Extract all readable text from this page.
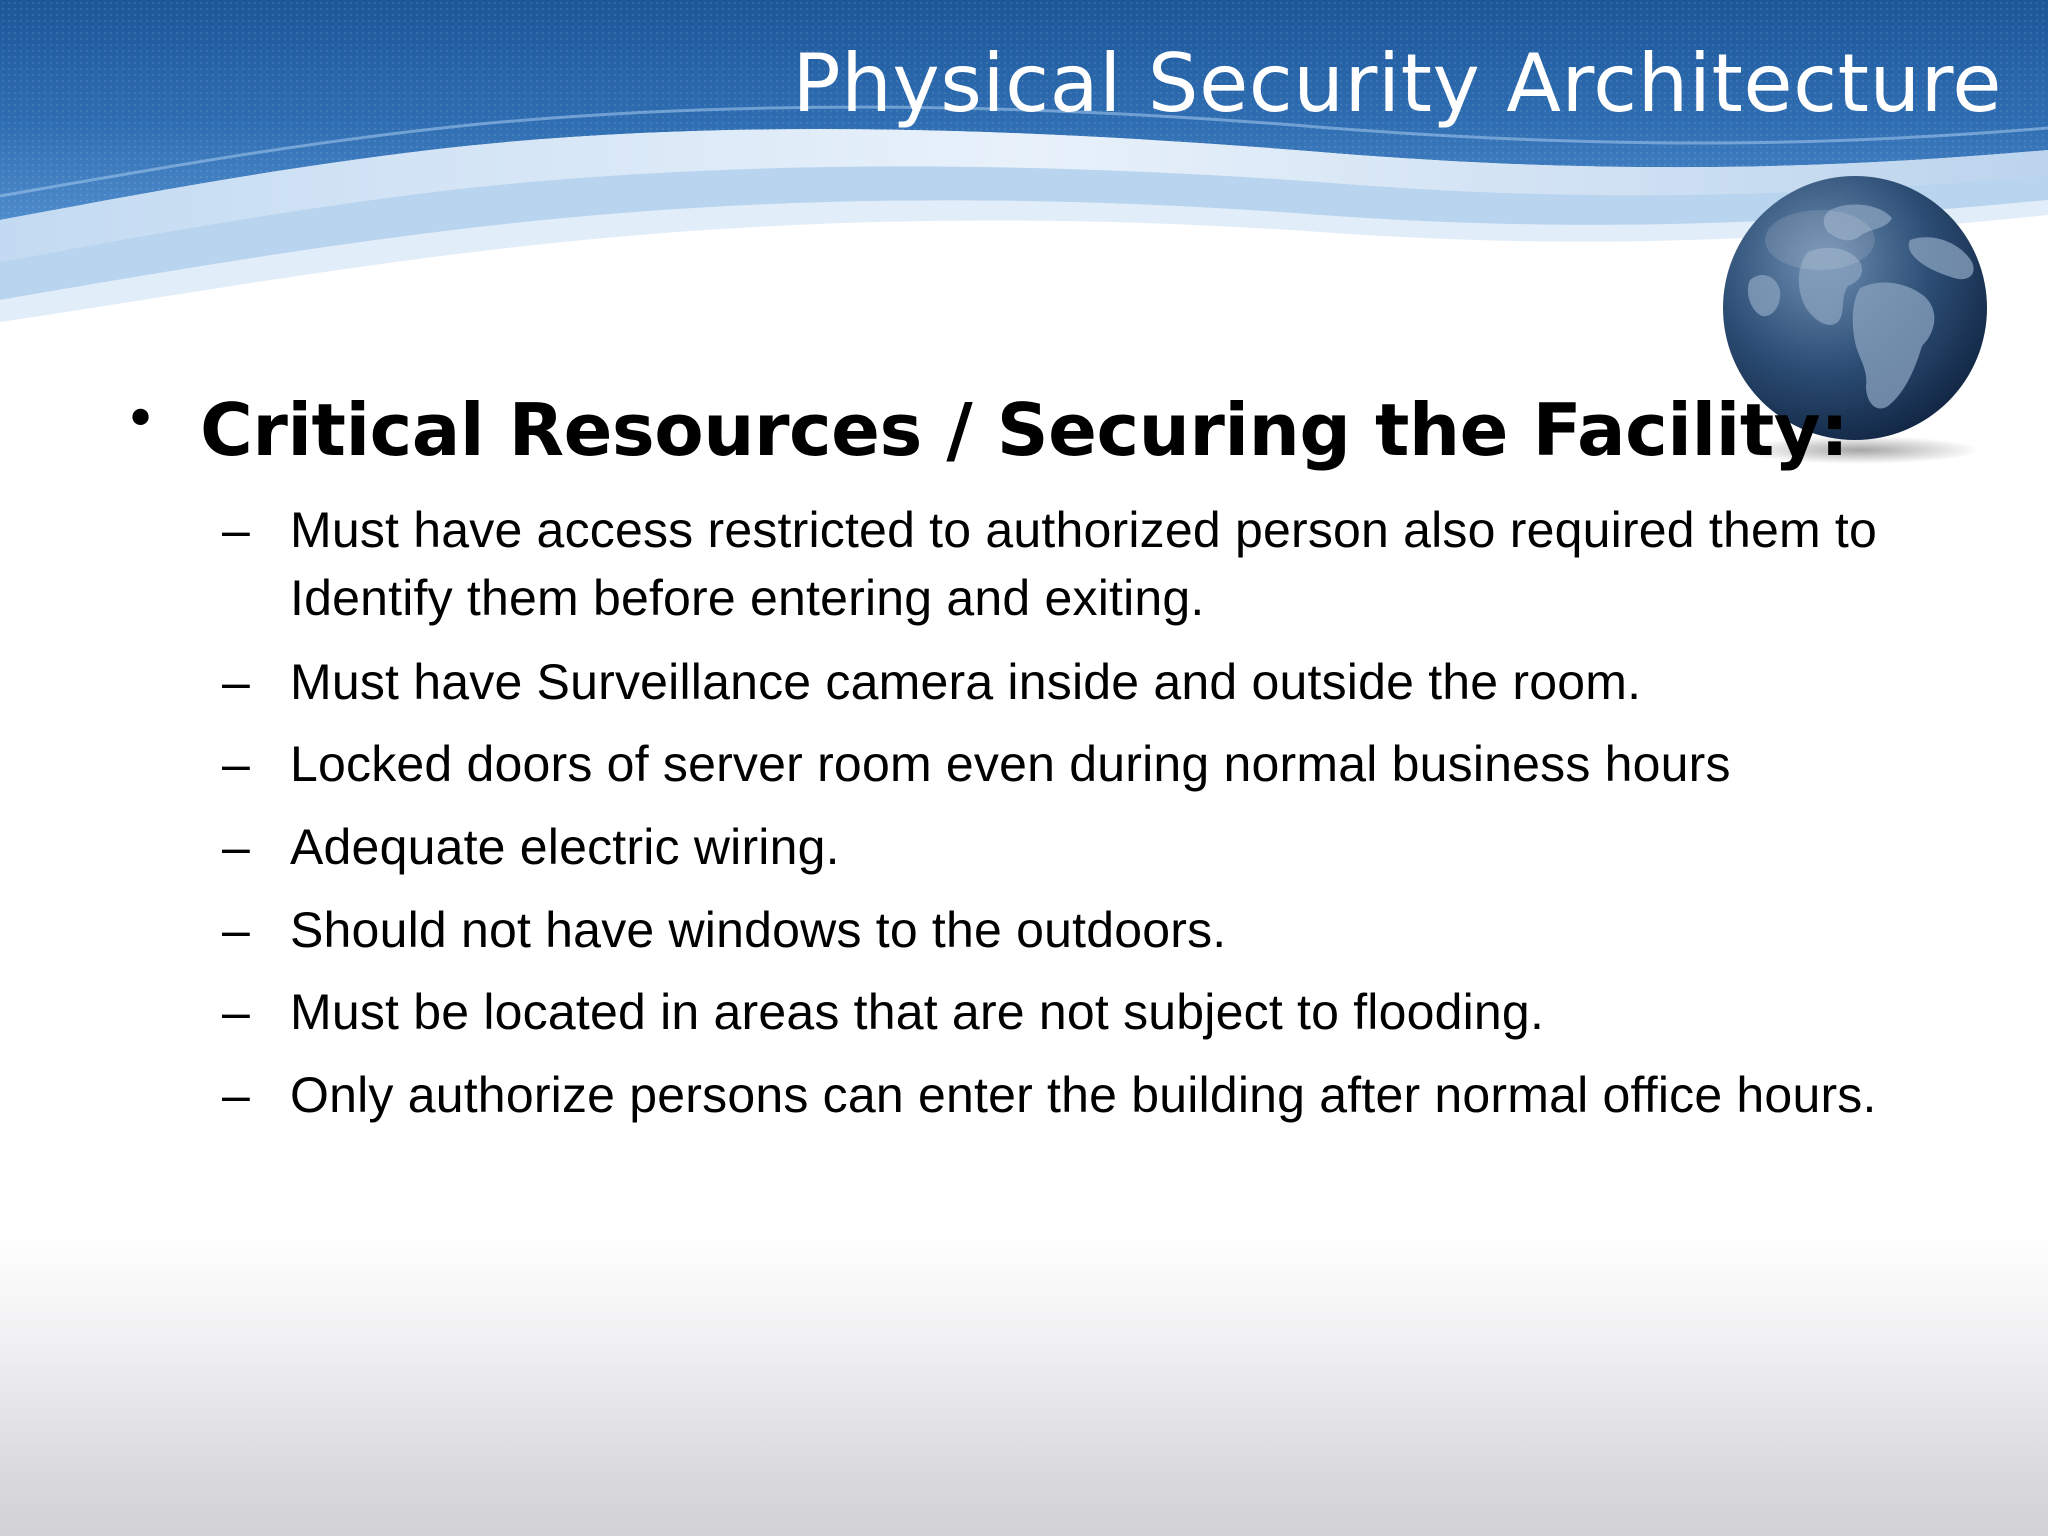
Physical Security Architecture
• Critical Resources / Securing the Facility:
– Must have access restricted to authorized person also required them to Identify them before entering and exiting.
– Must have Surveillance camera inside and outside the room.
– Locked doors of server room even during normal business hours
– Adequate electric wiring.
– Should not have windows to the outdoors.
– Must be located in areas that are not subject to flooding.
– Only authorize persons can enter the building after normal office hours.
